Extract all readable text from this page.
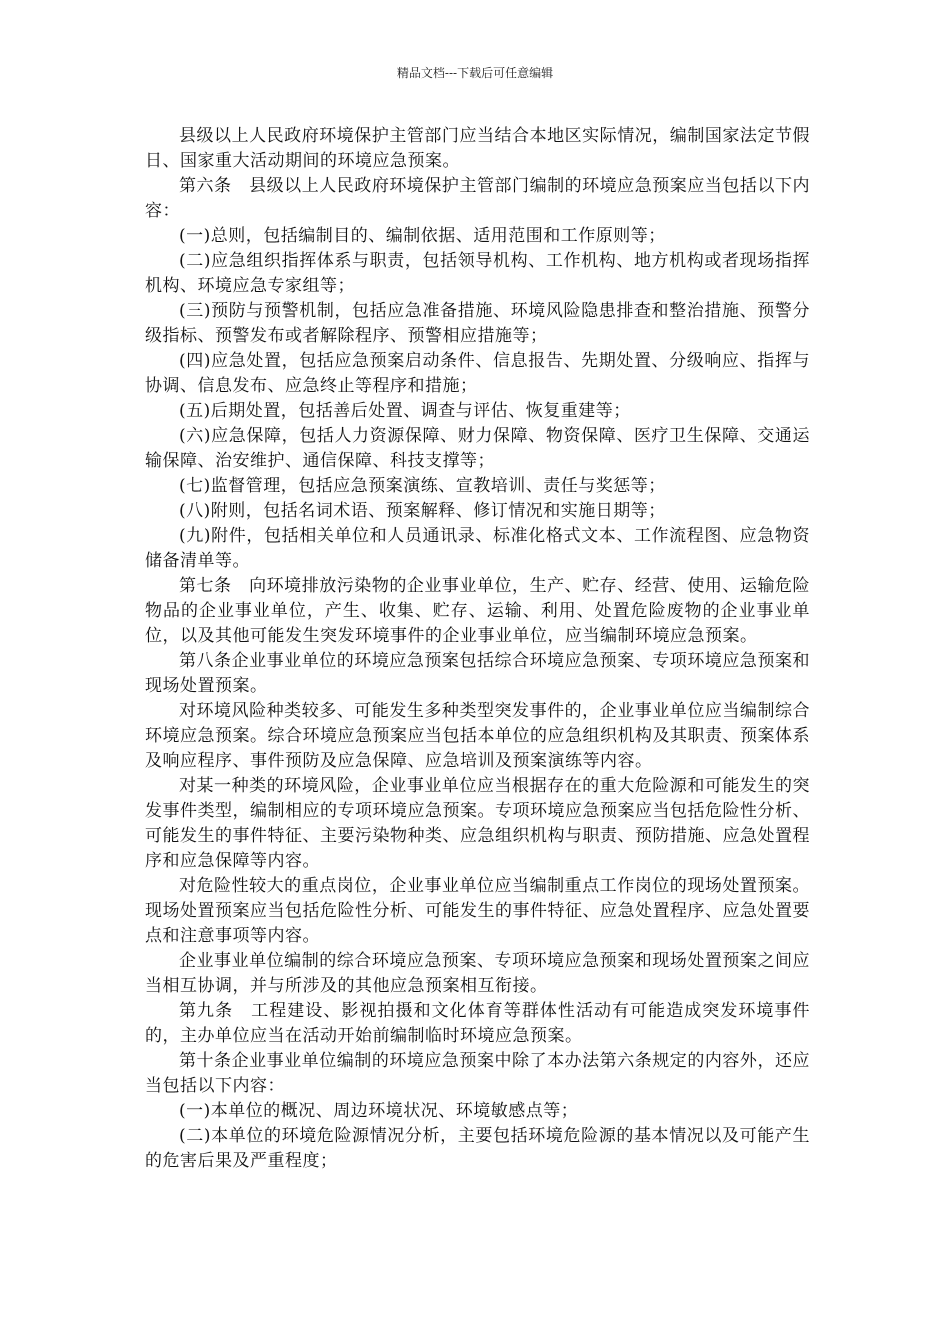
精品文档---下载后可任意编辑

县级以上人民政府环境保护主管部门应当结合本地区实际情况，编制国家法定节假日、国家重大活动期间的环境应急预案。

第六条　县级以上人民政府环境保护主管部门编制的环境应急预案应当包括以下内容：

(一)总则，包括编制目的、编制依据、适用范围和工作原则等；

(二)应急组织指挥体系与职责，包括领导机构、工作机构、地方机构或者现场指挥机构、环境应急专家组等；

(三)预防与预警机制，包括应急准备措施、环境风险隐患排查和整治措施、预警分级指标、预警发布或者解除程序、预警相应措施等；

(四)应急处置，包括应急预案启动条件、信息报告、先期处置、分级响应、指挥与协调、信息发布、应急终止等程序和措施；

(五)后期处置，包括善后处置、调查与评估、恢复重建等；

(六)应急保障，包括人力资源保障、财力保障、物资保障、医疗卫生保障、交通运输保障、治安维护、通信保障、科技支撑等；

(七)监督管理，包括应急预案演练、宣教培训、责任与奖惩等；

(八)附则，包括名词术语、预案解释、修订情况和实施日期等；

(九)附件，包括相关单位和人员通讯录、标准化格式文本、工作流程图、应急物资储备清单等。

第七条　向环境排放污染物的企业事业单位，生产、贮存、经营、使用、运输危险物品的企业事业单位，产生、收集、贮存、运输、利用、处置危险废物的企业事业单位，以及其他可能发生突发环境事件的企业事业单位，应当编制环境应急预案。

第八条企业事业单位的环境应急预案包括综合环境应急预案、专项环境应急预案和现场处置预案。

对环境风险种类较多、可能发生多种类型突发事件的，企业事业单位应当编制综合环境应急预案。综合环境应急预案应当包括本单位的应急组织机构及其职责、预案体系及响应程序、事件预防及应急保障、应急培训及预案演练等内容。

对某一种类的环境风险，企业事业单位应当根据存在的重大危险源和可能发生的突发事件类型，编制相应的专项环境应急预案。专项环境应急预案应当包括危险性分析、可能发生的事件特征、主要污染物种类、应急组织机构与职责、预防措施、应急处置程序和应急保障等内容。

对危险性较大的重点岗位，企业事业单位应当编制重点工作岗位的现场处置预案。现场处置预案应当包括危险性分析、可能发生的事件特征、应急处置程序、应急处置要点和注意事项等内容。

企业事业单位编制的综合环境应急预案、专项环境应急预案和现场处置预案之间应当相互协调，并与所涉及的其他应急预案相互衔接。

第九条　工程建设、影视拍摄和文化体育等群体性活动有可能造成突发环境事件的，主办单位应当在活动开始前编制临时环境应急预案。

第十条企业事业单位编制的环境应急预案中除了本办法第六条规定的内容外，还应当包括以下内容：

(一)本单位的概况、周边环境状况、环境敏感点等；

(二)本单位的环境危险源情况分析，主要包括环境危险源的基本情况以及可能产生的危害后果及严重程度；
